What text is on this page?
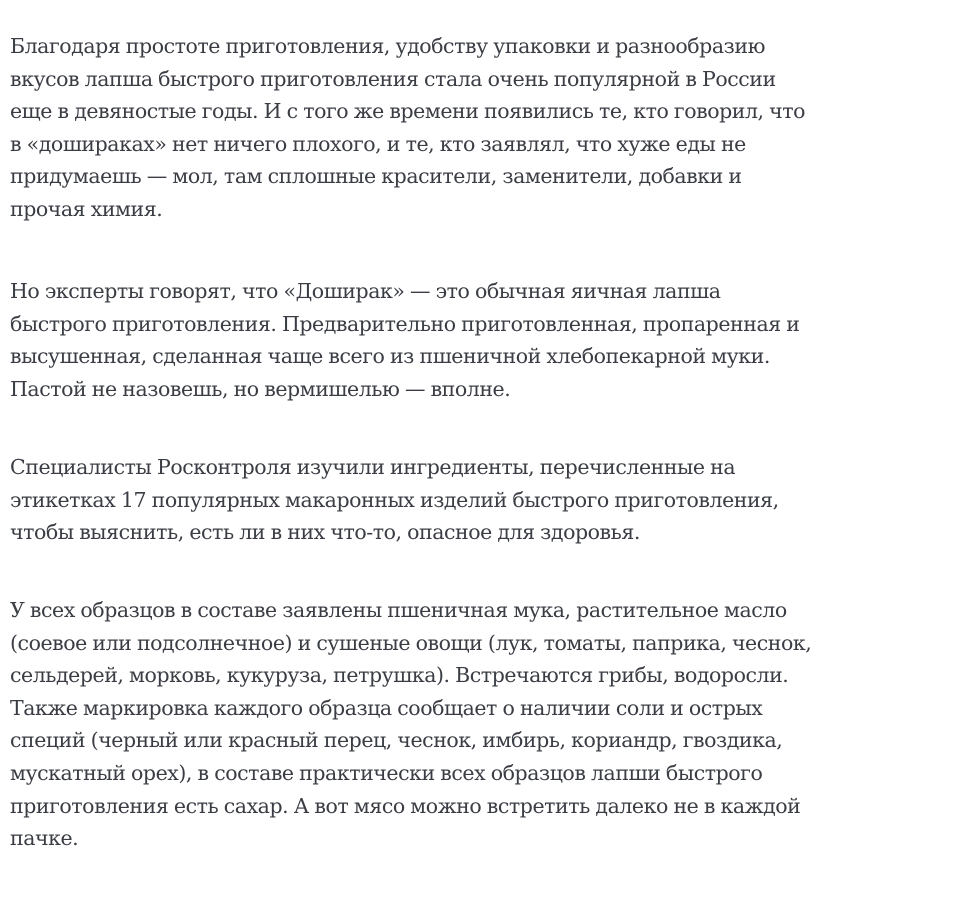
Благодаря простоте приготовления, удобству упаковки и разнообразию
вкусов лапша быстрого приготовления стала очень популярной в России
еще в девяностые годы. И с того же времени появились те, кто говорил, что
в «дошираках» нет ничего плохого, и те, кто заявлял, что хуже еды не
придумаешь — мол, там сплошные красители, заменители, добавки и
прочая химия.

Но эксперты говорят, что «Доширак» — это обычная яичная лапша
быстрого приготовления. Предварительно приготовленная, пропаренная и
высушенная, сделанная чаще всего из пшеничной хлебопекарной муки.
Пастой не назовешь, но вермишелью — вполне.

Специалисты Росконтроля изучили ингредиенты, перечисленные на
этикетках 17 популярных макаронных изделий быстрого приготовления,
чтобы выяснить, есть ли в них что-то, опасное для здоровья.

У всех образцов в составе заявлены пшеничная мука, растительное масло
(соевое или подсолнечное) и сушеные овощи (лук, томаты, паприка, чеснок,
сельдерей, морковь, кукуруза, петрушка). Встречаются грибы, водоросли.
Также маркировка каждого образца сообщает о наличии соли и острых
специй (черный или красный перец, чеснок, имбирь, кориандр, гвоздика,
мускатный орех), в составе практически всех образцов лапши быстрого
приготовления есть сахар. А вот мясо можно встретить далеко не в каждой
пачке.
